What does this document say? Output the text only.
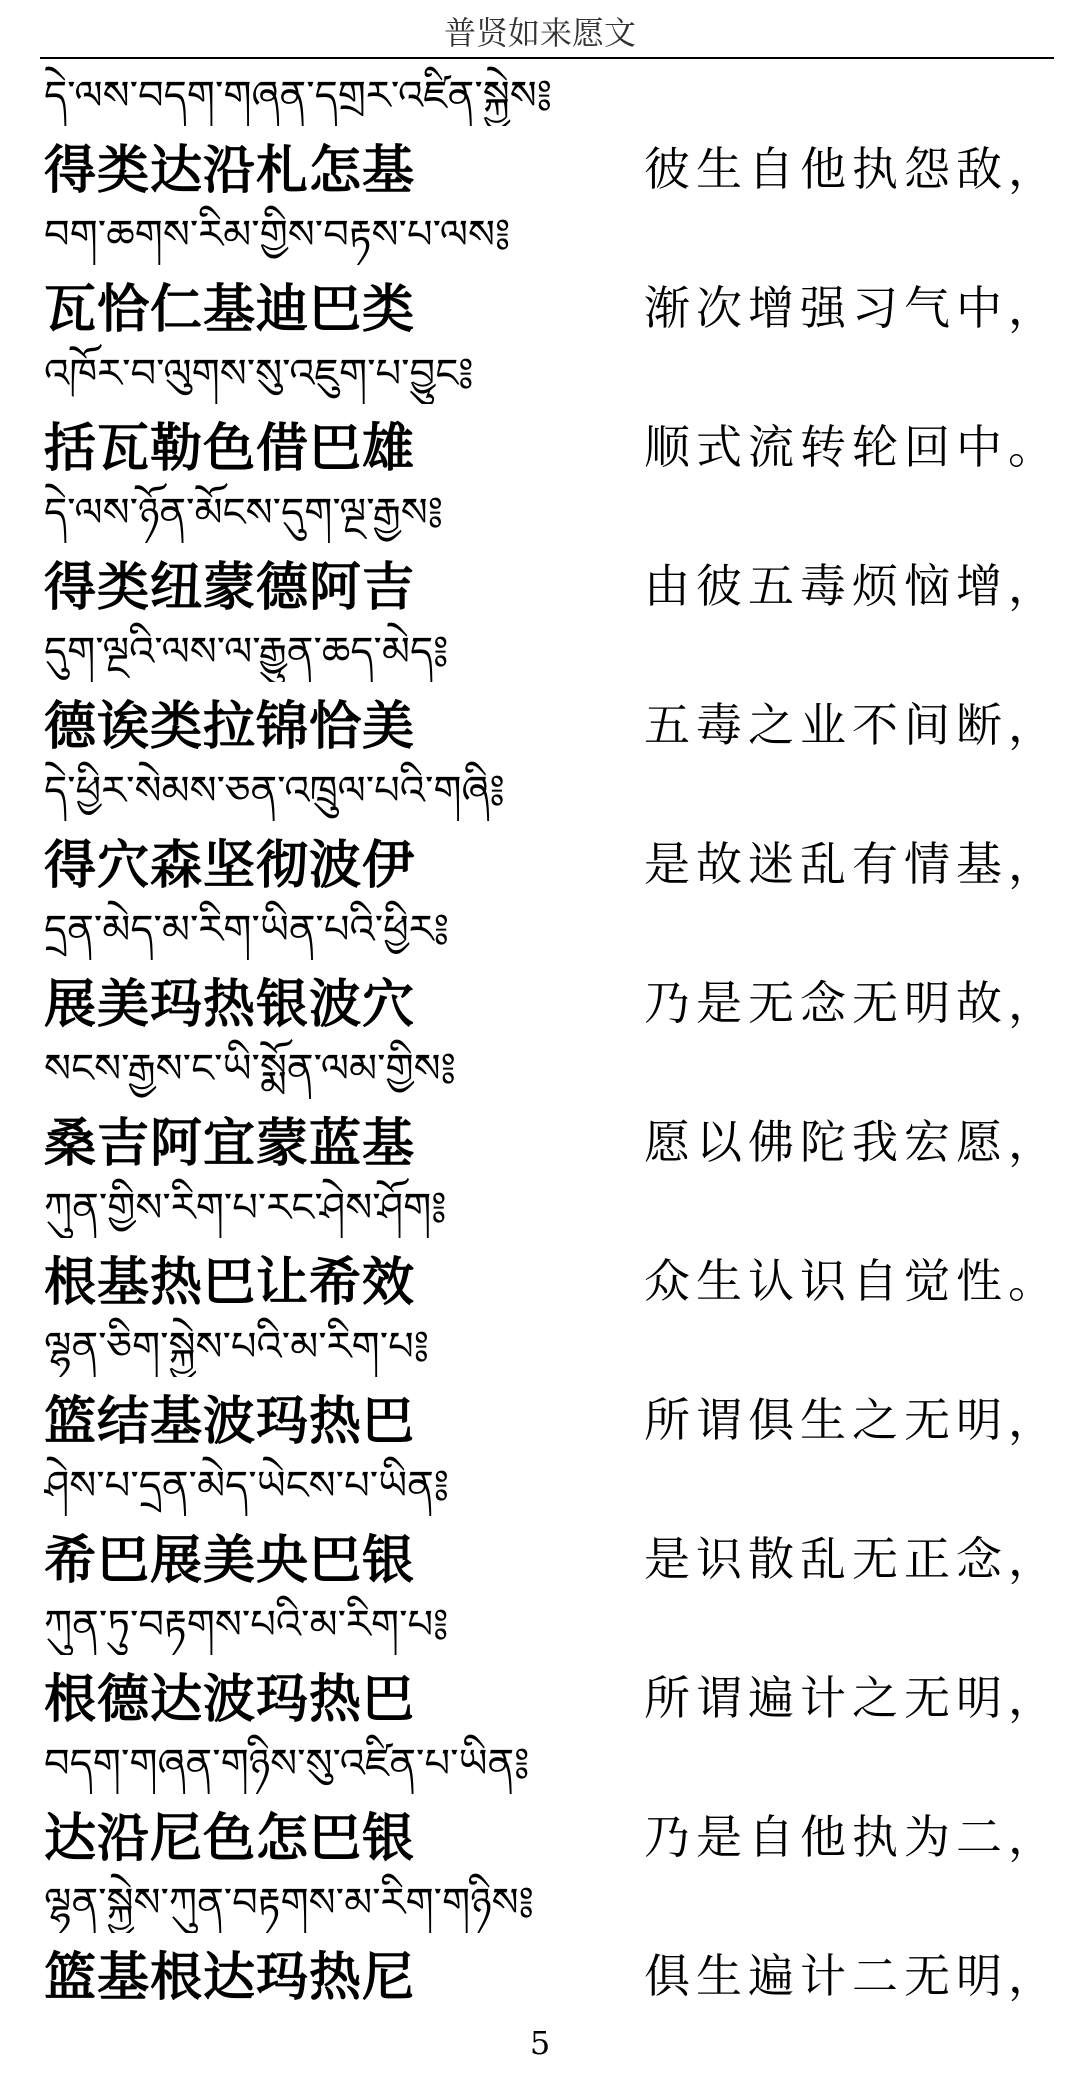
普贤如来愿文
དེ་ལས་བདག་གཞན་དགྲར་འཛིན་སྐྱེས༔
得类达沿札怎基	彼生自他执怨敌，
བག་ཆགས་རིམ་གྱིས་བརྟས་པ་ལས༔
瓦恰仁基迪巴类	渐次增强习气中，
འཁོར་བ་ལུགས་སུ་འཇུག་པ་བྱུང༔
括瓦勒色借巴雄	顺式流转轮回中。
དེ་ལས་ཉོན་མོངས་དུག་ལྔ་རྒྱས༔
得类纽蒙德阿吉	由彼五毒烦恼增，
དུག་ལྔའི་ལས་ལ་རྒྱུན་ཆད་མེད༔
德诶类拉锦恰美	五毒之业不间断，
དེ་ཕྱིར་སེམས་ཅན་འཁྲུལ་པའི་གཞི༔
得穴森坚彻波伊	是故迷乱有情基，
དྲན་མེད་མ་རིག་ཡིན་པའི་ཕྱིར༔
展美玛热银波穴	乃是无念无明故，
སངས་རྒྱས་ང་ཡི་སྨོན་ལམ་གྱིས༔
桑吉阿宜蒙蓝基	愿以佛陀我宏愿，
ཀུན་གྱིས་རིག་པ་རང་ཤེས་ཤོག༔
根基热巴让希效	众生认识自觉性。
ལྷན་ཅིག་སྐྱེས་པའི་མ་རིག་པ༔
篮结基波玛热巴	所谓俱生之无明，
ཤེས་པ་དྲན་མེད་ཡེངས་པ་ཡིན༔
希巴展美央巴银	是识散乱无正念，
ཀུན་ཏུ་བརྟགས་པའི་མ་རིག་པ༔
根德达波玛热巴	所谓遍计之无明，
བདག་གཞན་གཉིས་སུ་འཛིན་པ་ཡིན༔
达沿尼色怎巴银	乃是自他执为二，
ལྷན་སྐྱེས་ཀུན་བརྟགས་མ་རིག་གཉིས༔
篮基根达玛热尼	俱生遍计二无明，
5
